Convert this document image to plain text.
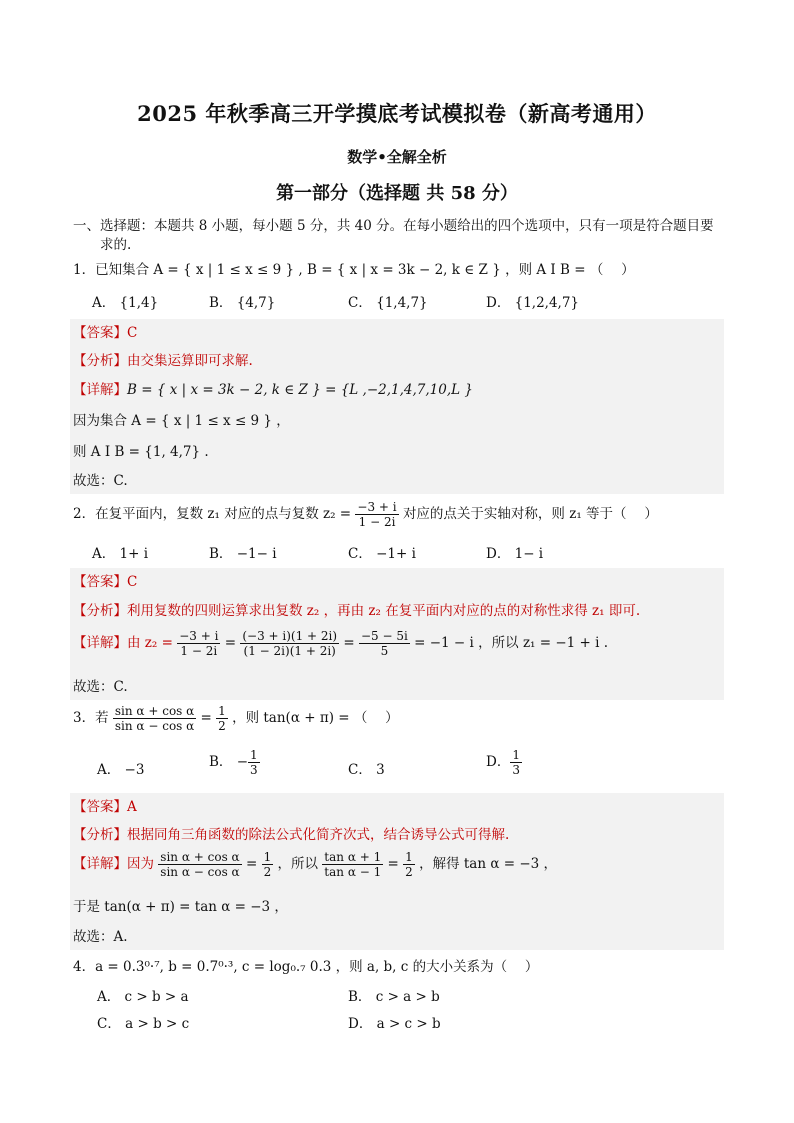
2025 年秋季高三开学摸底考试模拟卷（新高考通用）
数学•全解全析
第一部分（选择题 共 58 分）
一、选择题：本题共 8 小题，每小题 5 分，共 40 分。在每小题给出的四个选项中，只有一项是符合题目要
求的.
1．已知集合 A = { x | 1 ≤ x ≤ 9 } , B = { x | x = 3k − 2, k ∈ Z } ，则 A I B = （　 ）
A． {1,4}	B． {4,7}	C． {1,4,7}	D． {1,2,4,7}
【答案】C
【分析】由交集运算即可求解.
【详解】B = { x | x = 3k − 2, k ∈ Z } = {L ,−2,1,4,7,10,L }
因为集合 A = { x | 1 ≤ x ≤ 9 } ，
则 A I B = {1, 4,7} .
故选：C.
2．在复平面内，复数 z₁ 对应的点与复数 $z_2 = \frac{-3 + i}{1 - 2i}$ 对应的点关于实轴对称，则 z₁ 等于（　 ）
A． 1+ i	B． −1− i	C． −1+ i	D． 1− i
【答案】C
【分析】利用复数的四则运算求出复数 z₂ ，再由 z₂ 在复平面内对应的点的对称性求得 z₁ 即可.
【详解】由 $z_2 = \frac{-3 + i}{1 - 2i} = \frac{(-3 + i)(1 + 2i)}{(1 - 2i)(1 + 2i)} = \frac{-5 - 5i}{5} = -1 - i$ ，所以 z₁ = −1 + i .
故选：C.
3．若 $\frac{\text{sin α + cos α}}{\text{sin α − cos α}} = \frac{1}{2}$ ，则 tan(α + π) = （　 ）
A． −3	B． − $\frac{1}{3}$	C． 3	D． $\frac{1}{3}$
【答案】A
【分析】根据同角三角函数的除法公式化简齐次式，结合诱导公式可得解.
【详解】因为 $\frac{\text{sin α + cos α}}{\text{sin α − cos α}} = \frac{1}{2}$ ，所以 $\frac{\text{tan α + 1}}{\text{tan α − 1}} = \frac{1}{2}$ ，解得 tan α = −3 ，
于是 tan(α + π) = tan α = −3 ，
故选：A.
4．a = 0.3⁰·⁷, b = 0.7⁰·³, c = log₀.₇ 0.3 ，则 a, b, c 的大小关系为（　 ）
A． c > b > a	B． c > a > b
C． a > b > c	D． a > c > b
